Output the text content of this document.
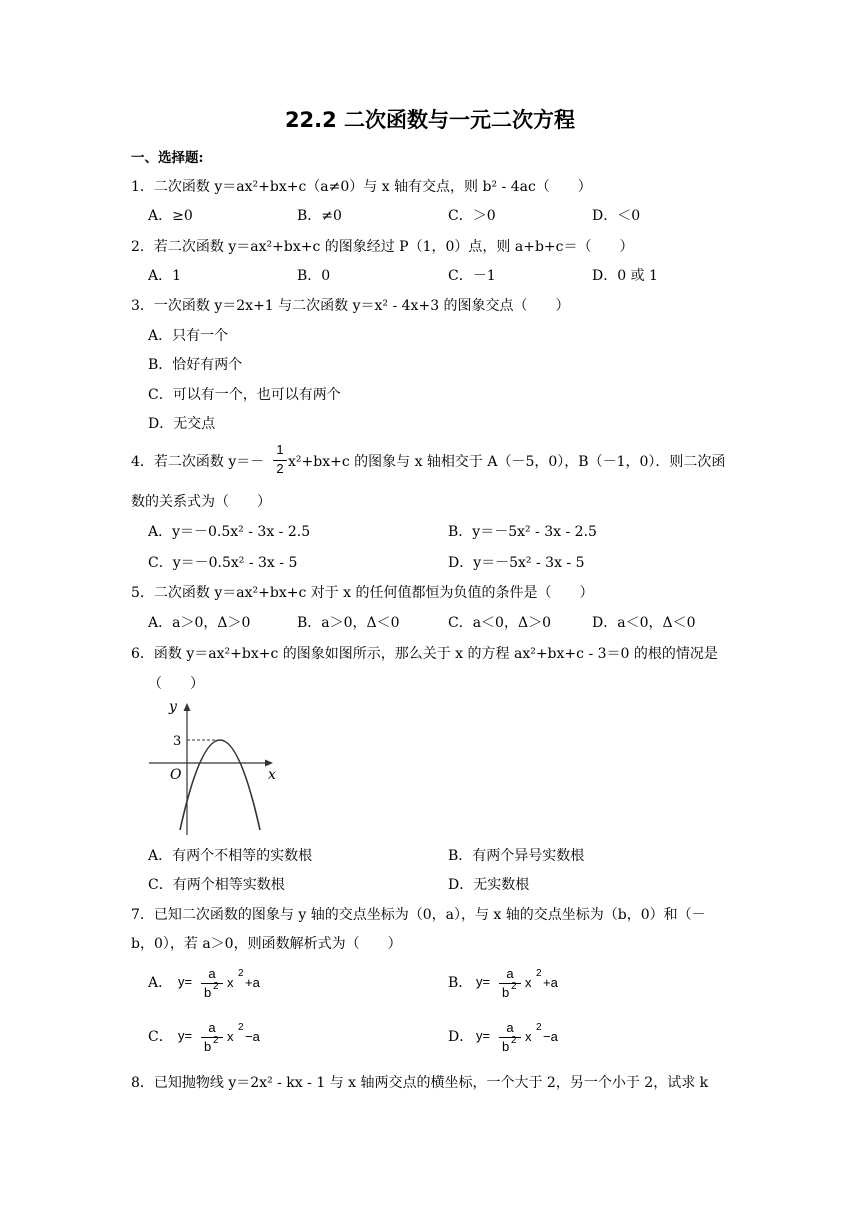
22.2 二次函数与一元二次方程
一、选择题:
1．二次函数 y＝ax²+bx+c（a≠0）与 x 轴有交点，则 b² - 4ac（　　）
A．≥0	B．≠0	C．＞0	D．＜0
2．若二次函数 y＝ax²+bx+c 的图象经过 P（1，0）点，则 a+b+c＝（　　）
A．1	B．0	C．－1	D．0 或 1
3．一次函数 y＝2x+1 与二次函数 y＝x² - 4x+3 的图象交点（　　）
A．只有一个
B．恰好有两个
C．可以有一个，也可以有两个
D．无交点
4．若二次函数 y＝－
1
2 x²+bx+c 的图象与 x 轴相交于 A（－5，0），B（－1，0）．则二次函
数的关系式为（　　）
A．y＝－0.5x² - 3x - 2.5	B．y＝－5x² - 3x - 2.5
C．y＝－0.5x² - 3x - 5	D．y＝－5x² - 3x - 5
5．二次函数 y＝ax²+bx+c 对于 x 的任何值都恒为负值的条件是（　　）
A．a＞0，Δ＞0	B．a＞0，Δ＜0	C．a＜0，Δ＞0	D．a＜0，Δ＜0
6．函数 y＝ax²+bx+c 的图象如图所示，那么关于 x 的方程 ax²+bx+c - 3＝0 的根的情况是
（　　）
y
x
O
3
A．有两个不相等的实数根	B．有两个异号实数根
C．有两个相等实数根	D．无实数根
7．已知二次函数的图象与 y 轴的交点坐标为（0，a），与 x 轴的交点坐标为（b，0）和（－
b，0），若 a＞0，则函数解析式为（　　）
A． y=
a
b 2 x
2
+a	B． y=
a
b 2 x
2
+a
C． y=
a
b 2 x
2
−a	D． y=
a
b 2 x
2
−a
8．已知抛物线 y＝2x² - kx - 1 与 x 轴两交点的横坐标，一个大于 2，另一个小于 2，试求 k
